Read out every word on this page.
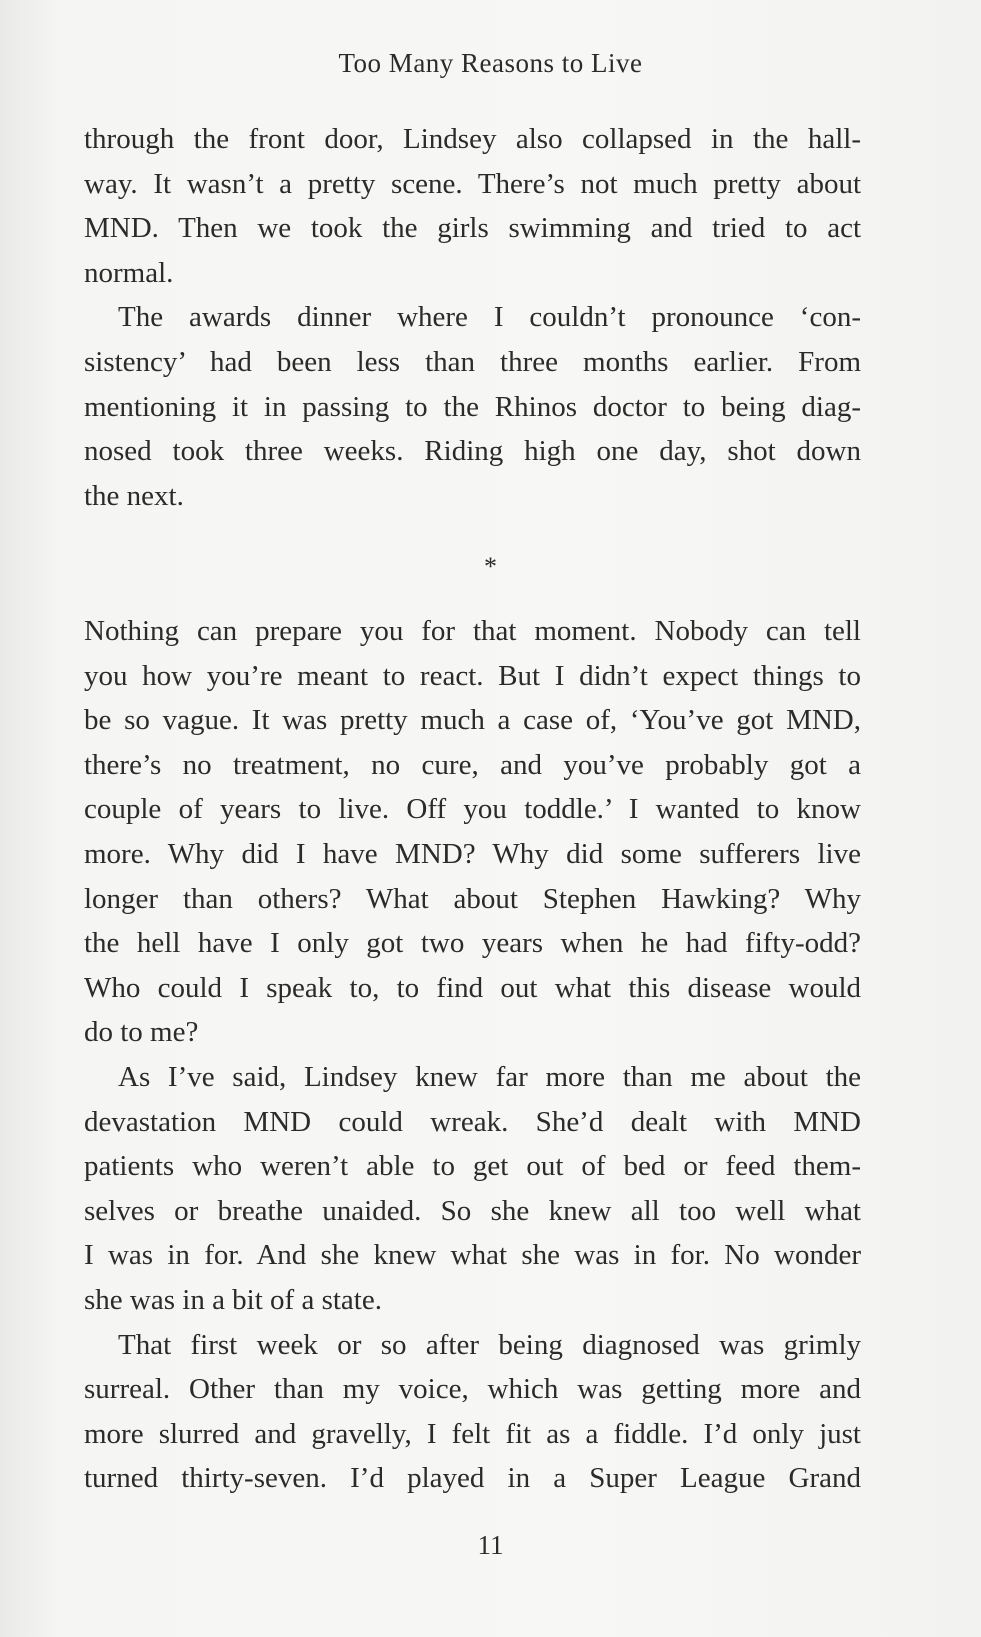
Too Many Reasons to Live
through the front door, Lindsey also collapsed in the hall-
way. It wasn’t a pretty scene. There’s not much pretty about
MND. Then we took the girls swimming and tried to act
normal.
The awards dinner where I couldn’t pronounce ‘con-
sistency’ had been less than three months earlier. From
mentioning it in passing to the Rhinos doctor to being diag-
nosed took three weeks. Riding high one day, shot down
the next.
Nothing can prepare you for that moment. Nobody can tell
you how you’re meant to react. But I didn’t expect things to
be so vague. It was pretty much a case of, ‘You’ve got MND,
there’s no treatment, no cure, and you’ve probably got a
couple of years to live. Off you toddle.’ I wanted to know
more. Why did I have MND? Why did some sufferers live
longer than others? What about Stephen Hawking? Why
the hell have I only got two years when he had fifty-odd?
Who could I speak to, to find out what this disease would
do to me?
As I’ve said, Lindsey knew far more than me about the
devastation MND could wreak. She’d dealt with MND
patients who weren’t able to get out of bed or feed them-
selves or breathe unaided. So she knew all too well what
I was in for. And she knew what she was in for. No wonder
she was in a bit of a state.
That first week or so after being diagnosed was grimly
surreal. Other than my voice, which was getting more and
more slurred and gravelly, I felt fit as a fiddle. I’d only just
turned thirty-seven. I’d played in a Super League Grand
*
11
